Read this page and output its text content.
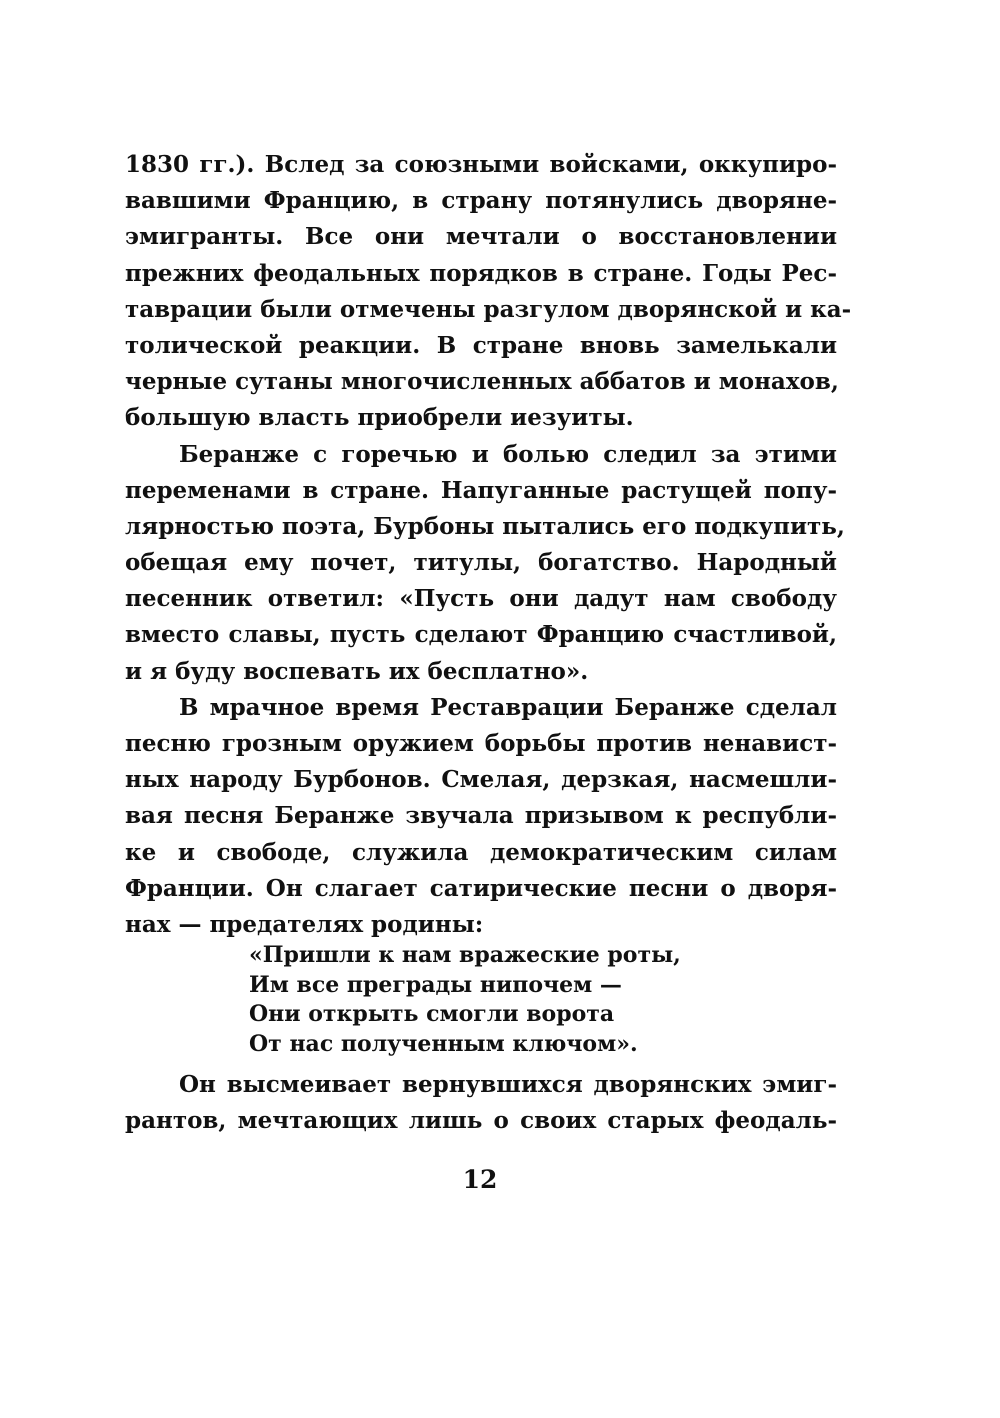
1830 гг.). Вслед за союзными войсками, оккупиро-
вавшими Францию, в страну потянулись дворяне-
эмигранты. Все они мечтали о восстановлении
прежних феодальных порядков в стране. Годы Рес-
таврации были отмечены разгулом дворянской и ка-
толической реакции. В стране вновь замелькали
черные сутаны многочисленных аббатов и монахов,
большую власть приобрели иезуиты.
Беранже с горечью и болью следил за этими
переменами в стране. Напуганные растущей попу-
лярностью поэта, Бурбоны пытались его подкупить,
обещая ему почет, титулы, богатство. Народный
песенник ответил: «Пусть они дадут нам свободу
вместо славы, пусть сделают Францию счастливой,
и я буду воспевать их бесплатно».
В мрачное время Реставрации Беранже сделал
песню грозным оружием борьбы против ненавист-
ных народу Бурбонов. Смелая, дерзкая, насмешли-
вая песня Беранже звучала призывом к республи-
ке и свободе, служила демократическим силам
Франции. Он слагает сатирические песни о дворя-
нах — предателях родины:
«Пришли к нам вражеские роты,
Им все преграды нипочем —
Они открыть смогли ворота
От нас полученным ключом».
Он высмеивает вернувшихся дворянских эмиг-
рантов, мечтающих лишь о своих старых феодаль-
12
